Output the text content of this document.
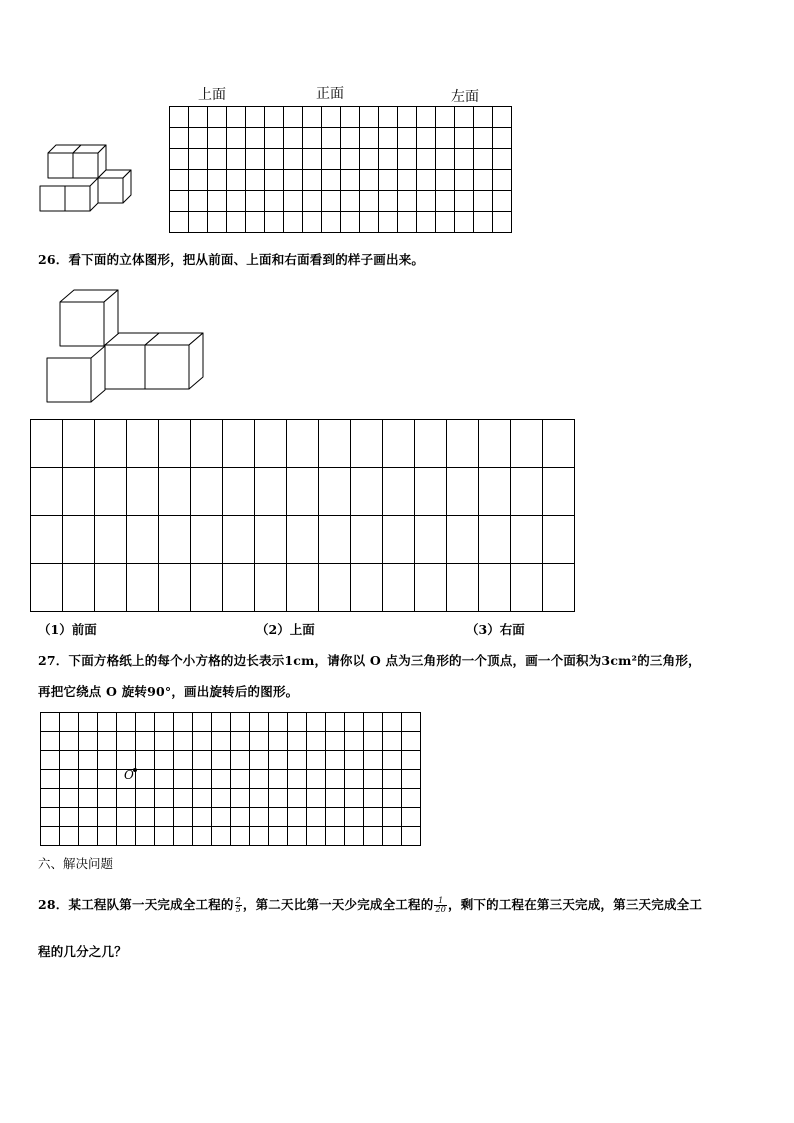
上面	正面	左面

26．看下面的立体图形，把从前面、上面和右面看到的样子画出来。

（1）前面	（2）上面	（3）右面
27．下面方格纸上的每个小方格的边长表示1cm，请你以 O 点为三角形的一个顶点，画一个面积为3cm²的三角形，
再把它绕点 O 旋转90°，画出旋转后的图形。

O
六、解决问题
28．某工程队第一天完成全工程的 $\frac{2}{5}$ ，第二天比第一天少完成全工程的 $\frac{1}{20}$ ，剩下的工程在第三天完成，第三天完成全工
程的几分之几？
